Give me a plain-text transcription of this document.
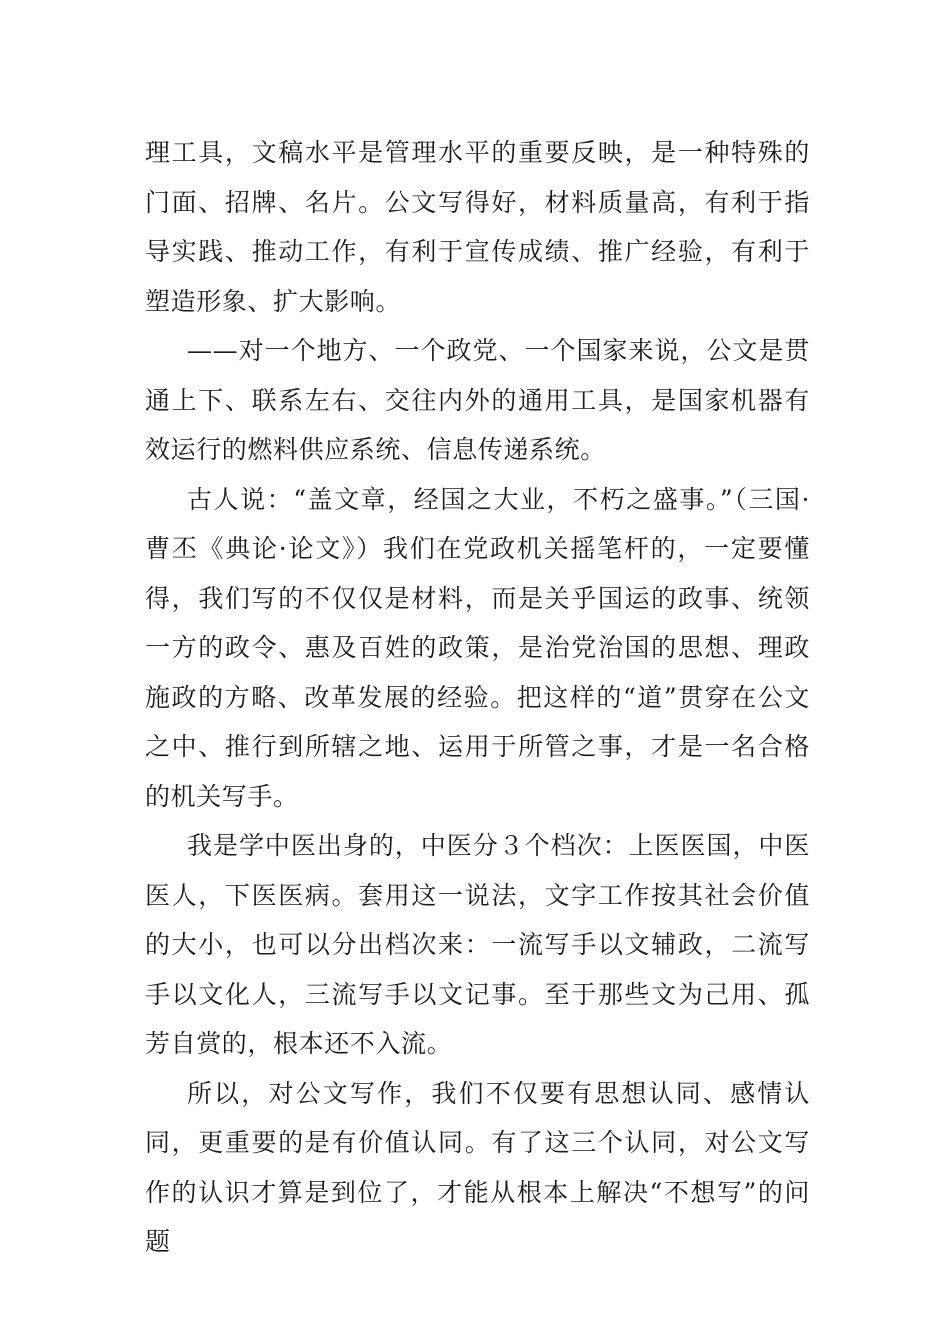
理工具，文稿水平是管理水平的重要反映，是一种特殊的门面、招牌、名片。公文写得好，材料质量高，有利于指导实践、推动工作，有利于宣传成绩、推广经验，有利于塑造形象、扩大影响。

——对一个地方、一个政党、一个国家来说，公文是贯通上下、联系左右、交往内外的通用工具，是国家机器有效运行的燃料供应系统、信息传递系统。

古人说：“盖文章，经国之大业，不朽之盛事。”（三国·曹丕《典论·论文》）我们在党政机关摇笔杆的，一定要懂得，我们写的不仅仅是材料，而是关乎国运的政事、统领一方的政令、惠及百姓的政策，是治党治国的思想、理政施政的方略、改革发展的经验。把这样的“道”贯穿在公文之中、推行到所辖之地、运用于所管之事，才是一名合格的机关写手。

我是学中医出身的，中医分３个档次：上医医国，中医医人，下医医病。套用这一说法，文字工作按其社会价值的大小，也可以分出档次来：一流写手以文辅政，二流写手以文化人，三流写手以文记事。至于那些文为己用、孤芳自赏的，根本还不入流。

所以，对公文写作，我们不仅要有思想认同、感情认同，更重要的是有价值认同。有了这三个认同，对公文写作的认识才算是到位了，才能从根本上解决“不想写”的问题
